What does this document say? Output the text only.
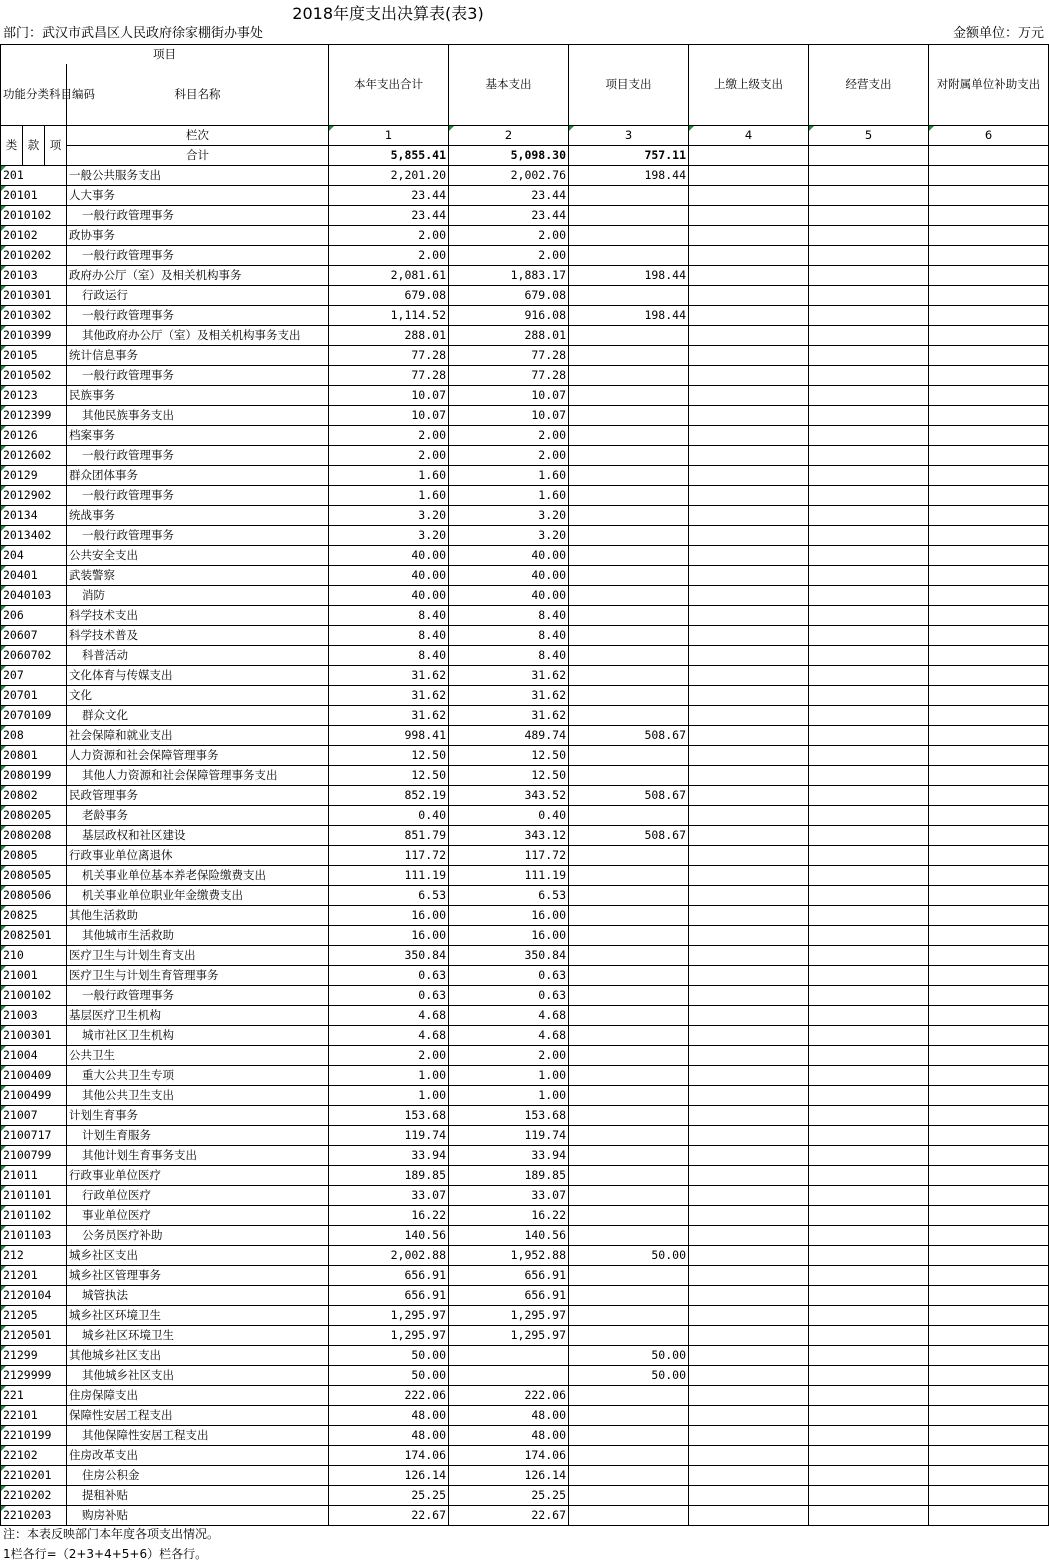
2018年度支出决算表(表3)
部门：武汉市武昌区人民政府徐家棚街办事处	金额单位：万元
项目				本年支出合计	基本支出	项目支出	上缴上级支出	经营支出	对附属单位补助支出
功能分类科目编码			科目名称						

类	款	项	栏次	1	2	3	4	5	6
			合计	5,855.41	5,098.30	757.11			
201			一般公共服务支出	2,201.20	2,002.76	198.44			
20101			人大事务	23.44	23.44				
2010102			一般行政管理事务	23.44	23.44				
20102			政协事务	2.00	2.00				
2010202			一般行政管理事务	2.00	2.00				
20103			政府办公厅（室）及相关机构事务	2,081.61	1,883.17	198.44			
2010301			行政运行	679.08	679.08				
2010302			一般行政管理事务	1,114.52	916.08	198.44			
2010399			其他政府办公厅（室）及相关机构事务支出	288.01	288.01				
20105			统计信息事务	77.28	77.28				
2010502			一般行政管理事务	77.28	77.28				
20123			民族事务	10.07	10.07				
2012399			其他民族事务支出	10.07	10.07				
20126			档案事务	2.00	2.00				
2012602			一般行政管理事务	2.00	2.00				
20129			群众团体事务	1.60	1.60				
2012902			一般行政管理事务	1.60	1.60				
20134			统战事务	3.20	3.20				
2013402			一般行政管理事务	3.20	3.20				
204			公共安全支出	40.00	40.00				
20401			武装警察	40.00	40.00				
2040103			消防	40.00	40.00				
206			科学技术支出	8.40	8.40				
20607			科学技术普及	8.40	8.40				
2060702			科普活动	8.40	8.40				
207			文化体育与传媒支出	31.62	31.62				
20701			文化	31.62	31.62				
2070109			群众文化	31.62	31.62				
208			社会保障和就业支出	998.41	489.74	508.67			
20801			人力资源和社会保障管理事务	12.50	12.50				
2080199			其他人力资源和社会保障管理事务支出	12.50	12.50				
20802			民政管理事务	852.19	343.52	508.67			
2080205			老龄事务	0.40	0.40				
2080208			基层政权和社区建设	851.79	343.12	508.67			
20805			行政事业单位离退休	117.72	117.72				
2080505			机关事业单位基本养老保险缴费支出	111.19	111.19				
2080506			机关事业单位职业年金缴费支出	6.53	6.53				
20825			其他生活救助	16.00	16.00				
2082501			其他城市生活救助	16.00	16.00				
210			医疗卫生与计划生育支出	350.84	350.84				
21001			医疗卫生与计划生育管理事务	0.63	0.63				
2100102			一般行政管理事务	0.63	0.63				
21003			基层医疗卫生机构	4.68	4.68				
2100301			城市社区卫生机构	4.68	4.68				
21004			公共卫生	2.00	2.00				
2100409			重大公共卫生专项	1.00	1.00				
2100499			其他公共卫生支出	1.00	1.00				
21007			计划生育事务	153.68	153.68				
2100717			计划生育服务	119.74	119.74				
2100799			其他计划生育事务支出	33.94	33.94				
21011			行政事业单位医疗	189.85	189.85				
2101101			行政单位医疗	33.07	33.07				
2101102			事业单位医疗	16.22	16.22				
2101103			公务员医疗补助	140.56	140.56				
212			城乡社区支出	2,002.88	1,952.88	50.00			
21201			城乡社区管理事务	656.91	656.91				
2120104			城管执法	656.91	656.91				
21205			城乡社区环境卫生	1,295.97	1,295.97				
2120501			城乡社区环境卫生	1,295.97	1,295.97				
21299			其他城乡社区支出	50.00		50.00			
2129999			其他城乡社区支出	50.00		50.00			
221			住房保障支出	222.06	222.06				
22101			保障性安居工程支出	48.00	48.00				
2210199			其他保障性安居工程支出	48.00	48.00				
22102			住房改革支出	174.06	174.06				
2210201			住房公积金	126.14	126.14				
2210202			提租补贴	25.25	25.25				
2210203			购房补贴	22.67	22.67				
注：本表反映部门本年度各项支出情况。
1栏各行=（2+3+4+5+6）栏各行。
